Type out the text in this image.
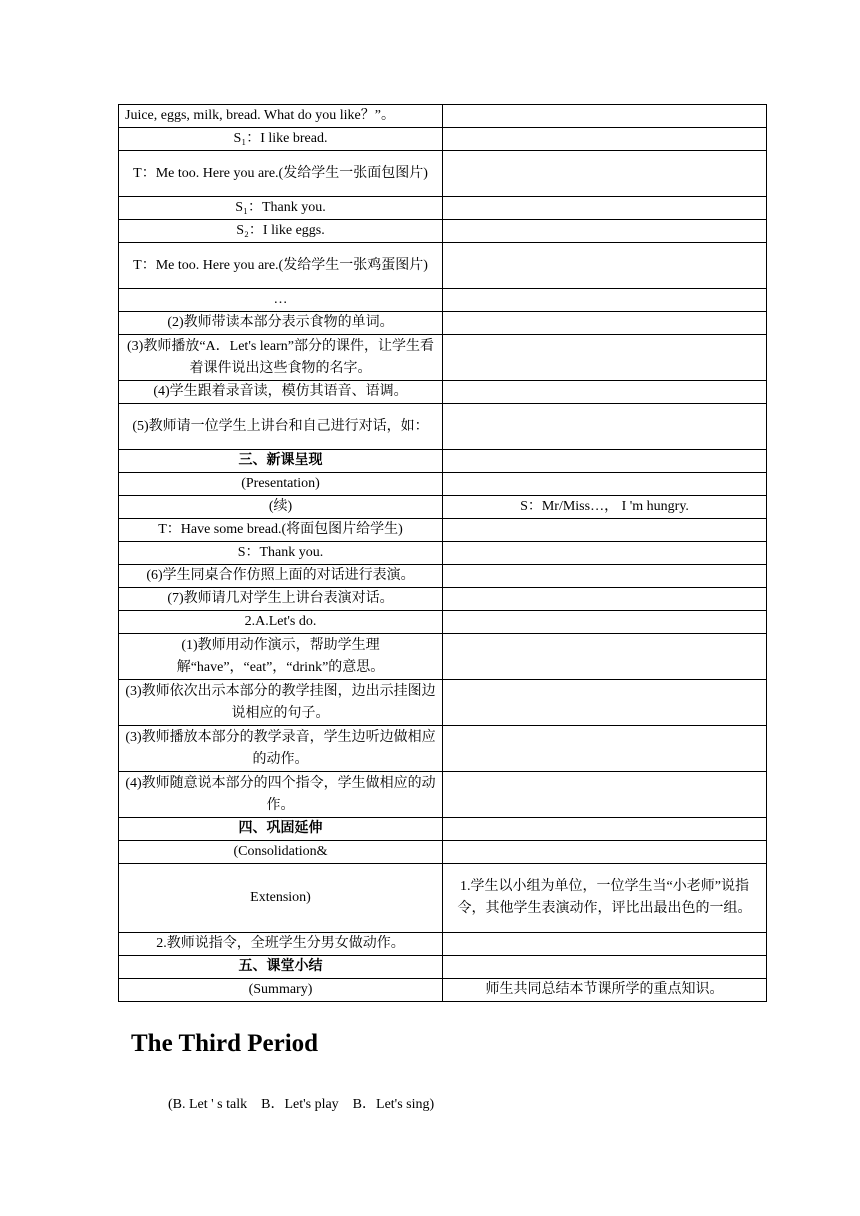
Juice, eggs, milk, bread. What do you like？”。	
S₁：I like bread.	
T：Me too. Here you are.(发给学生一张面包图片)	
S₁：Thank you.	
S₂：I like eggs.	
T：Me too. Here you are.(发给学生一张鸡蛋图片)	
…	
(2)教师带读本部分表示食物的单词。	
(3)教师播放“A．Let's learn”部分的课件，让学生看着课件说出这些食物的名字。	
(4)学生跟着录音读，模仿其语音、语调。	
(5)教师请一位学生上讲台和自己进行对话，如：	
三、新课呈现	
(Presentation)	
(续)	S：Mr/Miss…， I 'm hungry.
T：Have some bread.(将面包图片给学生)	
S：Thank you.	
(6)学生同桌合作仿照上面的对话进行表演。	
(7)教师请几对学生上讲台表演对话。	
2.A.Let's do.	
(1)教师用动作演示，帮助学生理解“have”，“eat”，“drink”的意思。	
(3)教师依次出示本部分的教学挂图，边出示挂图边说相应的句子。	
(3)教师播放本部分的教学录音，学生边听边做相应的动作。	
(4)教师随意说本部分的四个指令，学生做相应的动作。	
四、巩固延伸	
(Consolidation&	
Extension)	1.学生以小组为单位，一位学生当“小老师”说指令，其他学生表演动作，评比出最出色的一组。
2.教师说指令，全班学生分男女做动作。	
五、课堂小结	
(Summary)	师生共同总结本节课所学的重点知识。
The Third Period
(B. Let ' s talk　B．Let's play　B．Let's sing)
